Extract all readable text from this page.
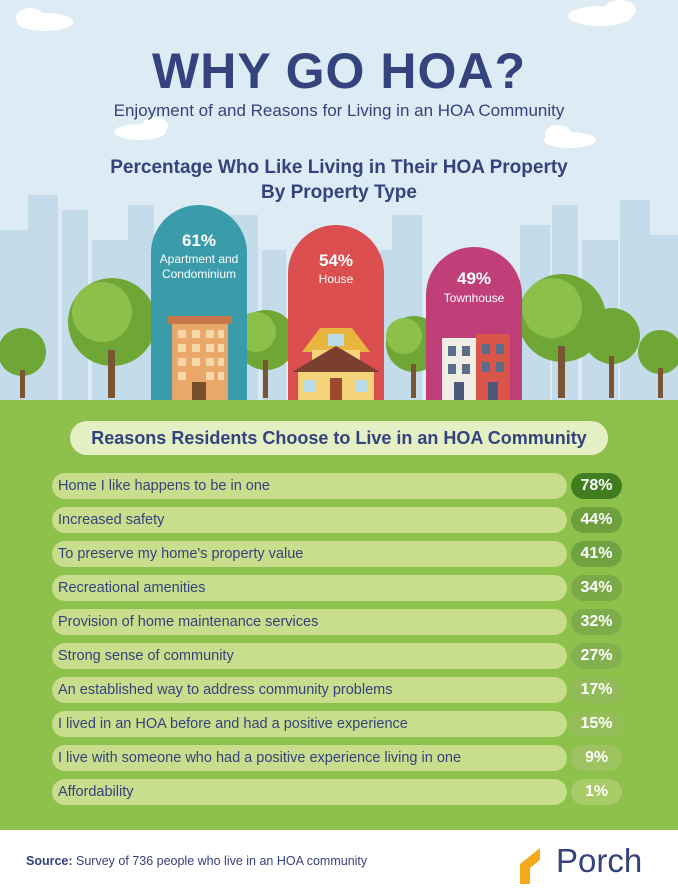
WHY GO HOA?
Enjoyment of and Reasons for Living in an HOA Community
Percentage Who Like Living in Their HOA Property
By Property Type
61%
Apartment and
Condominium
54%
House	49%
Townhouse
Reasons Residents Choose to Live in an HOA Community
Home I like happens to be in one	78%
Increased safety	44%
To preserve my home's property value	41%
Recreational amenities	34%
Provision of home maintenance services	32%
Strong sense of community	27%
An established way to address community problems	17%
I lived in an HOA before and had a positive experience	15%
I live with someone who had a positive experience living in one	9%
Affordability	1%
Source: Survey of 736 people who live in an HOA community	Porch
